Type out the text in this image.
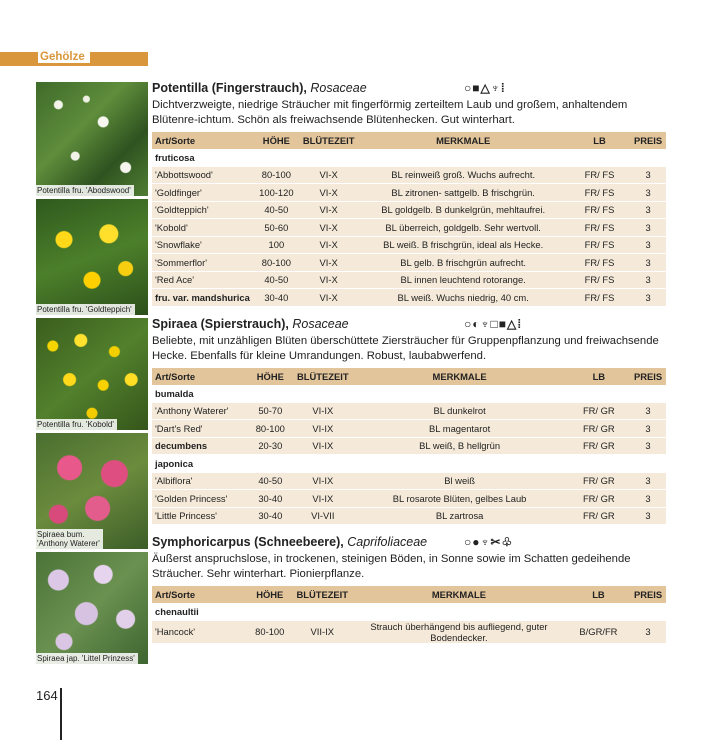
Gehölze
Potentilla fru. 'Abodswood'
Potentilla fru. 'Goldteppich'
Potentilla fru. 'Kobold'
Spiraea bum.
'Anthony Waterer'
Spiraea jap. 'Littel Prinzess'
Potentilla (Fingerstrauch), Rosaceae	○■△♆⁞
Dichtverzweigte, niedrige Sträucher mit fingerförmig zerteiltem Laub und großem, anhaltendem Blütenre-ichtum. Schön als freiwachsende Blütenhecken. Gut winterhart.
Art/Sorte	HÖHE	BLÜTEZEIT	MERKMALE	LB	PREIS
fruticosa					
'Abbottswood'	80-100	VI-X	BL reinweiß groß. Wuchs aufrecht.	FR/ FS	3
'Goldfinger'	100-120	VI-X	BL zitronen- sattgelb. B frischgrün.	FR/ FS	3
'Goldteppich'	40-50	VI-X	BL goldgelb. B dunkelgrün, mehltaufrei.	FR/ FS	3
'Kobold'	50-60	VI-X	BL überreich, goldgelb. Sehr wertvoll.	FR/ FS	3
'Snowflake'	100	VI-X	BL weiß. B frischgrün, ideal als Hecke.	FR/ FS	3
'Sommerflor'	80-100	VI-X	BL gelb. B frischgrün aufrecht.	FR/ FS	3
'Red Ace'	40-50	VI-X	BL innen leuchtend rotorange.	FR/ FS	3
fru. var. mandshurica	30-40	VI-X	BL weiß. Wuchs niedrig, 40 cm.	FR/ FS	3
Spiraea (Spierstrauch), Rosaceae	○◐♆□■△⁞
Beliebte, mit unzähligen Blüten überschüttete Ziersträucher für Gruppenpflanzung und freiwachsende Hecke. Ebenfalls für kleine Umrandungen. Robust, laubabwerfend.
Art/Sorte	HÖHE	BLÜTEZEIT	MERKMALE	LB	PREIS
bumalda					
'Anthony Waterer'	50-70	VI-IX	BL dunkelrot	FR/ GR	3
'Dart's Red'	80-100	VI-IX	BL magentarot	FR/ GR	3
decumbens	20-30	VI-IX	BL weiß, B hellgrün	FR/ GR	3
japonica					
'Albiflora'	40-50	VI-IX	Bl weiß	FR/ GR	3
'Golden Princess'	30-40	VI-IX	BL rosarote Blüten, gelbes Laub	FR/ GR	3
'Little Princess'	30-40	VI-VII	BL zartrosa	FR/ GR	3
Symphoricarpus (Schneebeere), Caprifoliaceae	○●♆✂♧
Äußerst anspruchslose, in trockenen, steinigen Böden, in Sonne sowie im Schatten gedeihende Sträucher. Sehr winterhart. Pionierpflanze.
Art/Sorte	HÖHE	BLÜTEZEIT	MERKMALE	LB	PREIS
chenaultii					
'Hancock'	80-100	VII-IX	Strauch überhängend bis aufliegend, guter Bodendecker.	B/GR/FR	3
164
